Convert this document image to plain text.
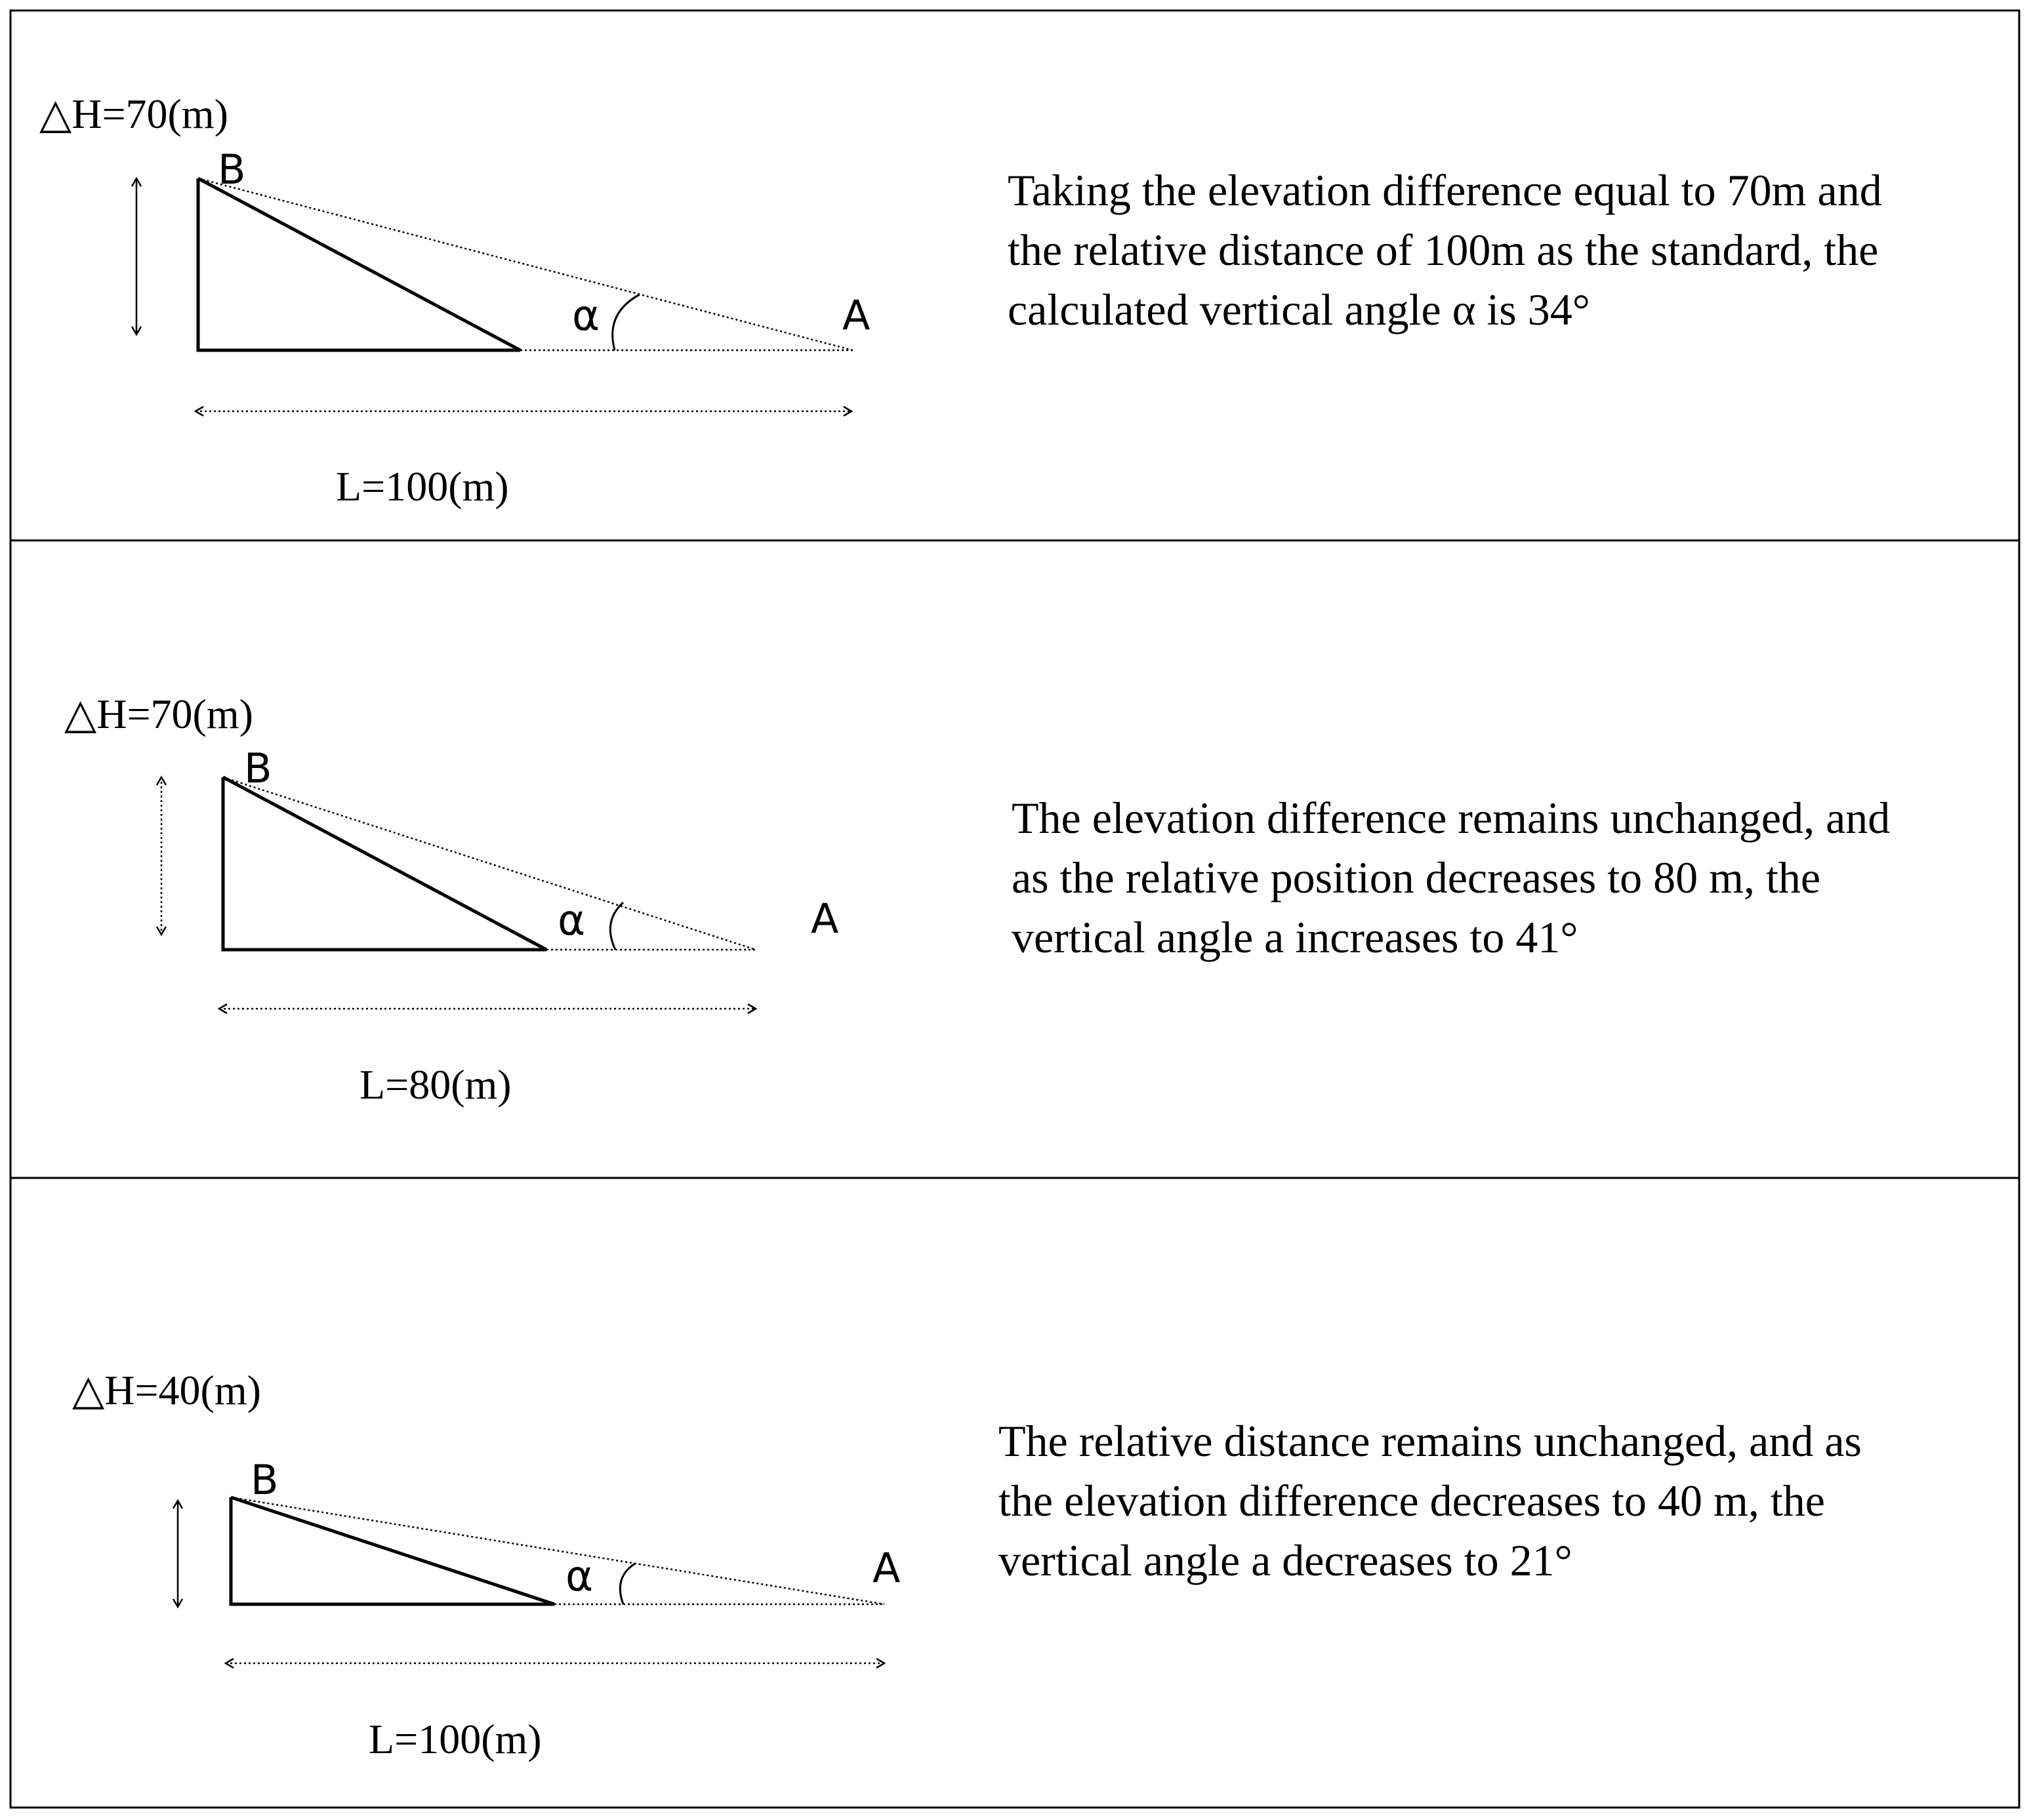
△H=70(m)
α
B
A
L=100(m)
Taking the elevation difference equal to 70m and the relative distance of 100m as the standard, the calculated vertical angle α is 34°
△H=70(m)
α
B
A
L=80(m)
The elevation difference remains unchanged, and as the relative position decreases to 80 m, the vertical angle a increases to 41°
△H=40(m)
α
B
A
L=100(m)
The relative distance remains unchanged, and as the elevation difference decreases to 40 m, the vertical angle a decreases to 21°
